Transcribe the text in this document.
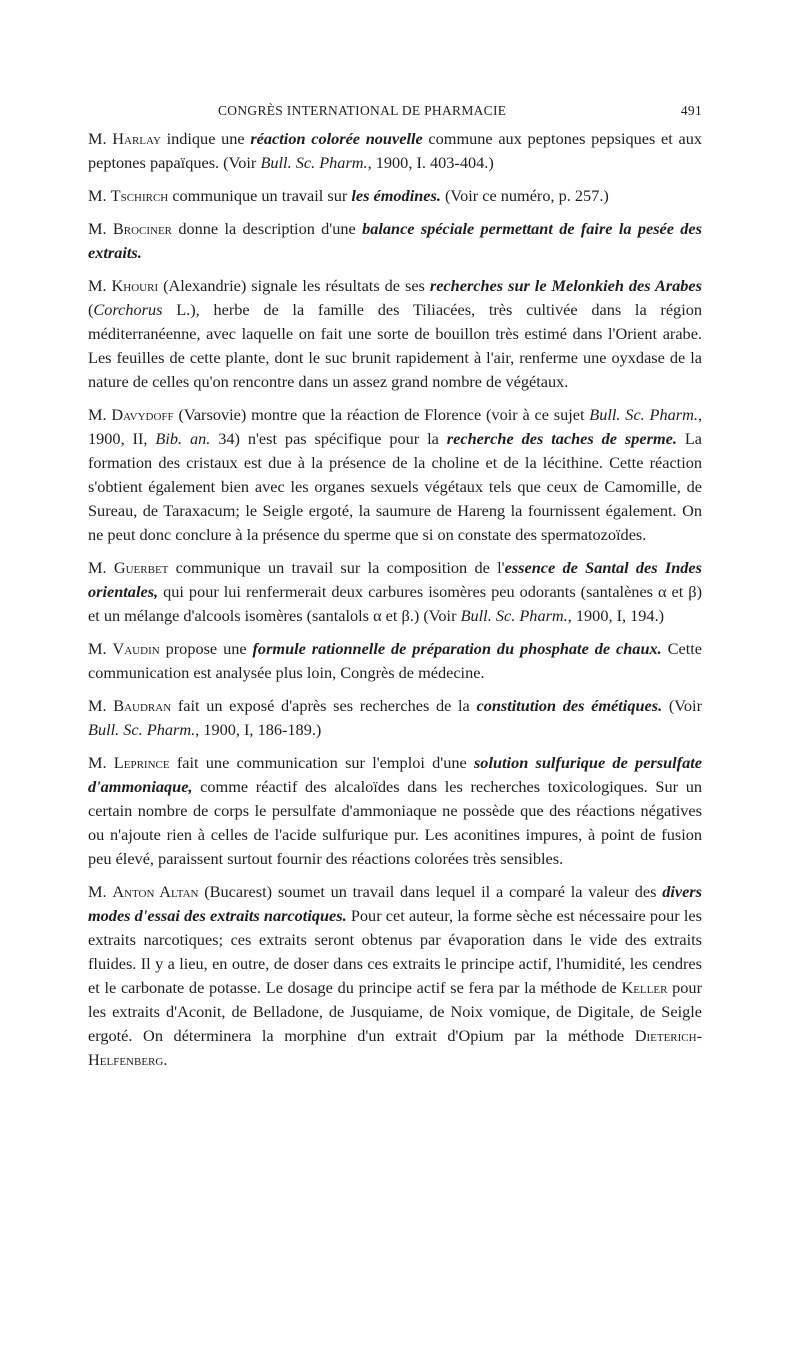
CONGRÈS INTERNATIONAL DE PHARMACIE	491

M. Harlay indique une réaction colorée nouvelle commune aux peptones pepsiques et aux peptones papaïques. (Voir Bull. Sc. Pharm., 1900, I. 403-404.)

M. Tschirch communique un travail sur les émodines. (Voir ce numéro, p. 257.)

M. Brociner donne la description d'une balance spéciale permettant de faire la pesée des extraits.

M. Khouri (Alexandrie) signale les résultats de ses recherches sur le Melonkieh des Arabes (Corchorus L.), herbe de la famille des Tiliacées, très cultivée dans la région méditerranéenne, avec laquelle on fait une sorte de bouillon très estimé dans l'Orient arabe. Les feuilles de cette plante, dont le suc brunit rapidement à l'air, renferme une oyxdase de la nature de celles qu'on rencontre dans un assez grand nombre de végétaux.

M. Davydoff (Varsovie) montre que la réaction de Florence (voir à ce sujet Bull. Sc. Pharm., 1900, II, Bib. an. 34) n'est pas spécifique pour la recherche des taches de sperme. La formation des cristaux est due à la présence de la choline et de la lécithine. Cette réaction s'obtient également bien avec les organes sexuels végétaux tels que ceux de Camomille, de Sureau, de Taraxacum; le Seigle ergoté, la saumure de Hareng la fournissent également. On ne peut donc conclure à la présence du sperme que si on constate des spermatozoïdes.

M. Guerbet communique un travail sur la composition de l'essence de Santal des Indes orientales, qui pour lui renfermerait deux carbures isomères peu odorants (santalènes α et β) et un mélange d'alcools isomères (santalols α et β.) (Voir Bull. Sc. Pharm., 1900, I, 194.)

M. Vaudin propose une formule rationnelle de préparation du phosphate de chaux. Cette communication est analysée plus loin, Congrès de médecine.

M. Baudran fait un exposé d'après ses recherches de la constitution des émétiques. (Voir Bull. Sc. Pharm., 1900, I, 186-189.)

M. Leprince fait une communication sur l'emploi d'une solution sulfurique de persulfate d'ammoniaque, comme réactif des alcaloïdes dans les recherches toxicologiques. Sur un certain nombre de corps le persulfate d'ammoniaque ne possède que des réactions négatives ou n'ajoute rien à celles de l'acide sulfurique pur. Les aconitines impures, à point de fusion peu élevé, paraissent surtout fournir des réactions colorées très sensibles.

M. Anton Altan (Bucarest) soumet un travail dans lequel il a comparé la valeur des divers modes d'essai des extraits narcotiques. Pour cet auteur, la forme sèche est nécessaire pour les extraits narcotiques; ces extraits seront obtenus par évaporation dans le vide des extraits fluides. Il y a lieu, en outre, de doser dans ces extraits le principe actif, l'humidité, les cendres et le carbonate de potasse. Le dosage du principe actif se fera par la méthode de Keller pour les extraits d'Aconit, de Belladone, de Jusquiame, de Noix vomique, de Digitale, de Seigle ergoté. On déterminera la morphine d'un extrait d'Opium par la méthode Dieterich-Helfenberg.
